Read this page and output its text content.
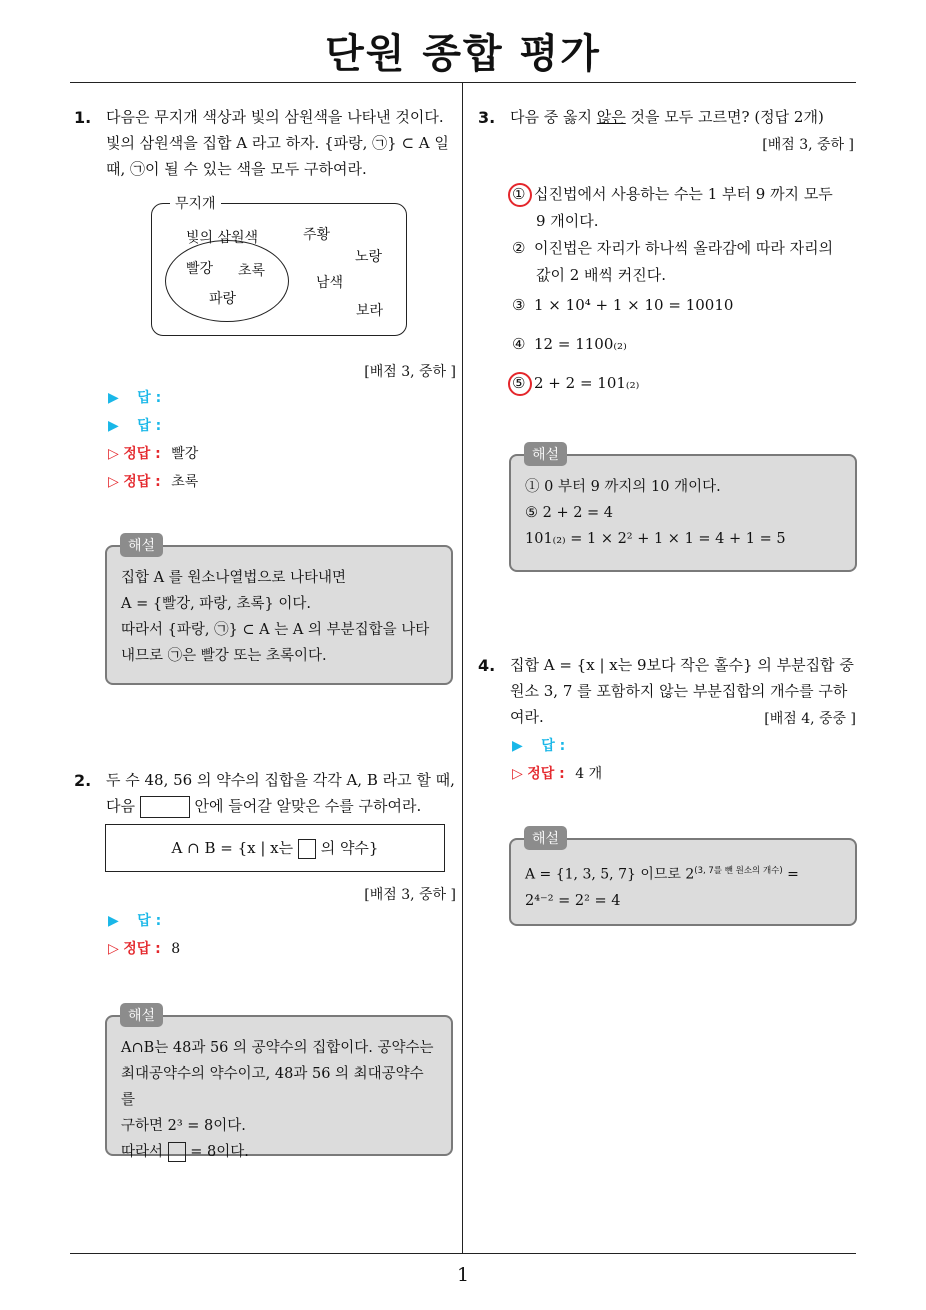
단원 종합 평가
1
1. 다음은 무지개 색상과 빛의 삼원색을 나타낸 것이다.
빛의 삼원색을 집합 A 라고 하자. {파랑, ㉠} ⊂ A 일
때, ㉠이 될 수 있는 색을 모두 구하여라.
무지개
빛의 삼원색
빨강 초록
파랑
주황
노랑
남색
보라
[배점 3, 중하 ]
▶ 답 :
▶ 답 :
▷ 정답 : 빨강
▷ 정답 : 초록
집합 A 를 원소나열법으로 나타내면
A = {빨강, 파랑, 초록} 이다.
따라서 {파랑, ㉠} ⊂ A 는 A 의 부분집합을 나타
내므로 ㉠은 빨강 또는 초록이다.
해설
2. 두 수 48, 56 의 약수의 집합을 각각 A, B 라고 할 때,
다음	안에 들어갈 알맞은 수를 구하여라.
A ∩ B = {x | x는 의 약수}
[배점 3, 중하 ]
▶ 답 :
▷ 정답 : 8
A∩B는 48과 56 의 공약수의 집합이다. 공약수는
최대공약수의 약수이고, 48과 56 의 최대공약수를
구하면 2³ = 8이다.
따라서 = 8이다.
해설
3. 다음 중 옳지 않은 것을 모두 고르면? (정답 2개)
[배점 3, 중하 ]
① 십진법에서 사용하는 수는 1 부터 9 까지 모두
9 개이다.
② 이진법은 자리가 하나씩 올라감에 따라 자리의
값이 2 배씩 커진다.
③ 1 × 10⁴ + 1 × 10 = 10010
④ 12 = 1100₍₂₎
⑤ 2 + 2 = 101₍₂₎
① 0 부터 9 까지의 10 개이다.
⑤ 2 + 2 = 4
101₍₂₎ = 1 × 2² + 1 × 1 = 4 + 1 = 5
해설
4. 집합 A = {x | x는 9보다 작은 홀수} 의 부분집합 중
원소 3, 7 를 포함하지 않는 부분집합의 개수를 구하
여라.	[배점 4, 중중 ]
▶ 답 :
▷ 정답 : 4 개
A = {1, 3, 5, 7} 이므로 $2^{(3, 7를 뺀 원소의 개수)}$ =
2⁴⁻² = 2² = 4
해설
